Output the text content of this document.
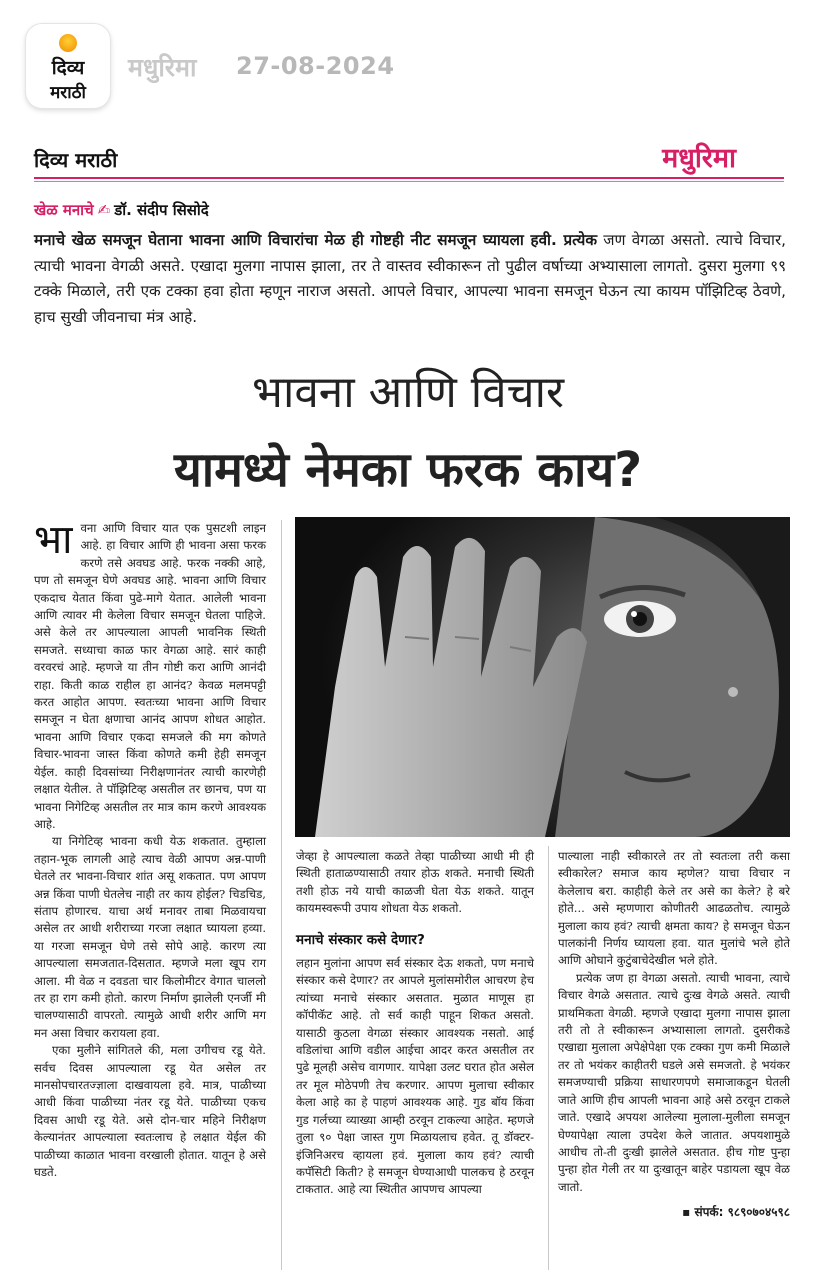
दिव्य
मराठी
मधुरिमा 27-08-2024
दिव्य मराठी	मधुरिमा
खेळ मनाचे ✍ डॉ. संदीप सिसोदे
मनाचे खेळ समजून घेताना भावना आणि विचारांचा मेळ ही गोष्टही नीट समजून घ्यायला हवी. प्रत्येक जण वेगळा असतो. त्याचे विचार, त्याची भावना वेगळी असते. एखादा मुलगा नापास झाला, तर ते वास्तव स्वीकारून तो पुढील वर्षाच्या अभ्यासाला लागतो. दुसरा मुलगा ९९ टक्के मिळाले, तरी एक टक्का हवा होता म्हणून नाराज असतो. आपले विचार, आपल्या भावना समजून घेऊन त्या कायम पॉझिटिव्ह ठेवणे, हाच सुखी जीवनाचा मंत्र आहे.
भावना आणि विचार
यामध्ये नेमका फरक काय?

भावना आणि विचार यात एक पुसटशी लाइन आहे. हा विचार आणि ही भावना असा फरक करणे तसे अवघड आहे. फरक नक्की आहे, पण तो समजून घेणे अवघड आहे. भावना आणि विचार एकदाच येतात किंवा पुढे-मागे येतात. आलेली भावना आणि त्यावर मी केलेला विचार समजून घेतला पाहिजे. असे केले तर आपल्याला आपली भावनिक स्थिती समजते. सध्याचा काळ फार वेगळा आहे. सारं काही वरवरचं आहे. म्हणजे या तीन गोष्टी करा आणि आनंदी राहा. किती काळ राहील हा आनंद? केवळ मलमपट्टी करत आहोत आपण. स्वतःच्या भावना आणि विचार समजून न घेता क्षणाचा आनंद आपण शोधत आहोत. भावना आणि विचार एकदा समजले की मग कोणते विचार-भावना जास्त किंवा कोणते कमी हेही समजून येईल. काही दिवसांच्या निरीक्षणानंतर त्याची कारणेही लक्षात येतील. ते पॉझिटिव्ह असतील तर छानच, पण या भावना निगेटिव्ह असतील तर मात्र काम करणे आवश्यक आहे.

या निगेटिव्ह भावना कधी येऊ शकतात. तुम्हाला तहान-भूक लागली आहे त्याच वेळी आपण अन्न-पाणी घेतले तर भावना-विचार शांत असू शकतात. पण आपण अन्न किंवा पाणी घेतलेच नाही तर काय होईल? चिडचिड, संताप होणारच. याचा अर्थ मनावर ताबा मिळवायचा असेल तर आधी शरीराच्या गरजा लक्षात घ्यायला हव्या. या गरजा समजून घेणे तसे सोपे आहे. कारण त्या आपल्याला समजतात-दिसतात. म्हणजे मला खूप राग आला. मी वेळ न दवडता चार किलोमीटर वेगात चाललो तर हा राग कमी होतो. कारण निर्माण झालेली एनर्जी मी चालण्यासाठी वापरतो. त्यामुळे आधी शरीर आणि मग मन असा विचार करायला हवा.

एका मुलीने सांगितले की, मला उगीचच रडू येते. सर्वच दिवस आपल्याला रडू येत असेल तर मानसोपचारतज्ज्ञाला दाखवायला हवे. मात्र, पाळीच्या आधी किंवा पाळीच्या नंतर रडू येते. पाळीच्या एकच दिवस आधी रडू येते. असे दोन-चार महिने निरीक्षण केल्यानंतर आपल्याला स्वतःलाच हे लक्षात येईल की पाळीच्या काळात भावना वरखाली होतात. यातून हे असे घडते.

जेव्हा हे आपल्याला कळते तेव्हा पाळीच्या आधी मी ही स्थिती हाताळण्यासाठी तयार होऊ शकते. मनाची स्थिती तशी होऊ नये याची काळजी घेता येऊ शकते. यातून कायमस्वरूपी उपाय शोधता येऊ शकतो.

मनाचे संस्कार कसे देणार?

लहान मुलांना आपण सर्व संस्कार देऊ शकतो, पण मनाचे संस्कार कसे देणार? तर आपले मुलांसमोरील आचरण हेच त्यांच्या मनाचे संस्कार असतात. मुळात माणूस हा कॉपीकॅट आहे. तो सर्व काही पाहून शिकत असतो. यासाठी कुठला वेगळा संस्कार आवश्यक नसतो. आई वडिलांचा आणि वडील आईचा आदर करत असतील तर पुढे मूलही असेच वागणार. यापेक्षा उलट घरात होत असेल तर मूल मोठेपणी तेच करणार. आपण मुलाचा स्वीकार केला आहे का हे पाहणं आवश्यक आहे. गुड बॉय किंवा गुड गर्लच्या व्याख्या आम्ही ठरवून टाकल्या आहेत. म्हणजे तुला ९० पेक्षा जास्त गुण मिळायलाच हवेत. तू डॉक्टर-इंजिनिअरच व्हायला हवं. मुलाला काय हवं? त्याची कपॅसिटी किती? हे समजून घेण्याआधी पालकच हे ठरवून टाकतात. आहे त्या स्थितीत आपणच आपल्या

पाल्याला नाही स्वीकारले तर तो स्वतःला तरी कसा स्वीकारेल? समाज काय म्हणेल? याचा विचार न केलेलाच बरा. काहीही केले तर असे का केले? हे बरे होते... असे म्हणणारा कोणीतरी आढळतोच. त्यामुळे मुलाला काय हवं? त्याची क्षमता काय? हे समजून घेऊन पालकांनी निर्णय घ्यायला हवा. यात मुलांचे भले होते आणि ओघाने कुटुंबाचेदेखील भले होते.

प्रत्येक जण हा वेगळा असतो. त्याची भावना, त्याचे विचार वेगळे असतात. त्याचे दुःख वेगळे असते. त्याची प्राथमिकता वेगळी. म्हणजे एखादा मुलगा नापास झाला तरी तो ते स्वीकारून अभ्यासाला लागतो. दुसरीकडे एखाद्या मुलाला अपेक्षेपेक्षा एक टक्का गुण कमी मिळाले तर तो भयंकर काहीतरी घडले असे समजतो. हे भयंकर समजण्याची प्रक्रिया साधारणपणे समाजाकडून घेतली जाते आणि हीच आपली भावना आहे असे ठरवून टाकले जाते. एखादे अपयश आलेल्या मुलाला-मुलीला समजून घेण्यापेक्षा त्याला उपदेश केले जातात. अपयशामुळे आधीच तो-ती दुःखी झालेले असतात. हीच गोष्ट पुन्हा पुन्हा होत गेली तर या दुःखातून बाहेर पडायला खूप वेळ जातो.

▪ संपर्क: ९८९०७०४५९८
